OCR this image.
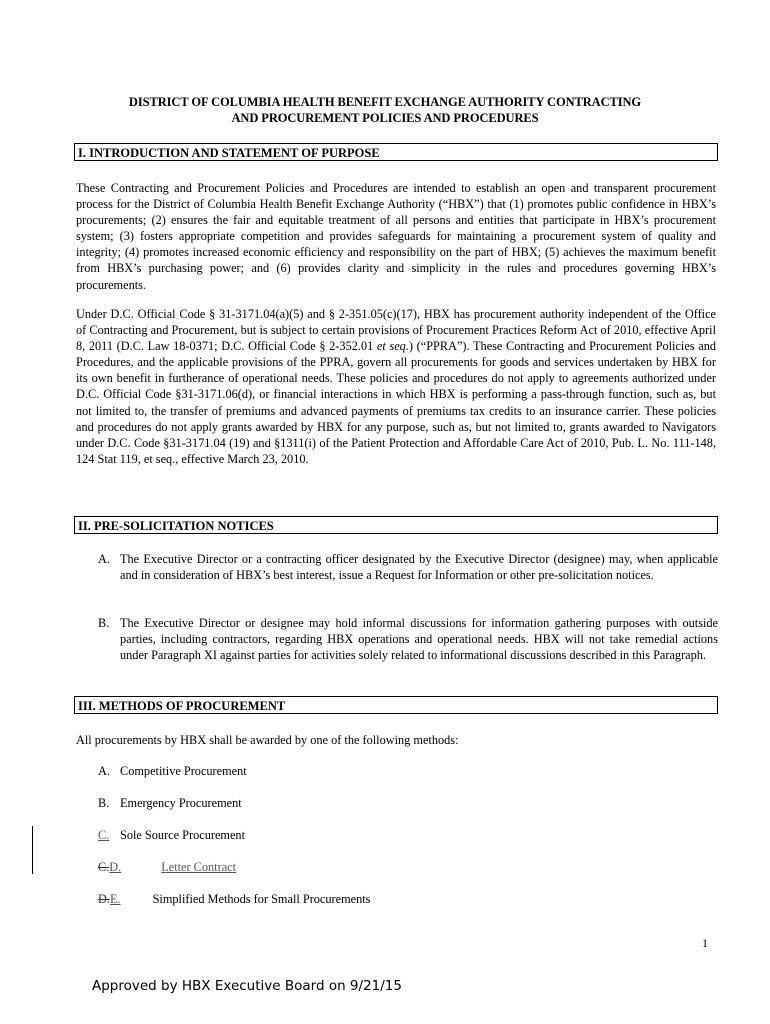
DISTRICT OF COLUMBIA HEALTH BENEFIT EXCHANGE AUTHORITY CONTRACTING
AND PROCUREMENT POLICIES AND PROCEDURES
I. INTRODUCTION AND STATEMENT OF PURPOSE

These Contracting and Procurement Policies and Procedures are intended to establish an open and transparent procurement process for the District of Columbia Health Benefit Exchange Authority (“HBX”) that (1) promotes public confidence in HBX’s procurements; (2) ensures the fair and equitable treatment of all persons and entities that participate in HBX’s procurement system; (3) fosters appropriate competition and provides safeguards for maintaining a procurement system of quality and integrity; (4) promotes increased economic efficiency and responsibility on the part of HBX; (5) achieves the maximum benefit from HBX’s purchasing power; and (6) provides clarity and simplicity in the rules and procedures governing HBX’s procurements.

Under D.C. Official Code § 31-3171.04(a)(5) and § 2-351.05(c)(17), HBX has procurement authority independent of the Office of Contracting and Procurement, but is subject to certain provisions of Procurement Practices Reform Act of 2010, effective April 8, 2011 (D.C. Law 18-0371; D.C. Official Code § 2-352.01 et seq.) (“PPRA”). These Contracting and Procurement Policies and Procedures, and the applicable provisions of the PPRA, govern all procurements for goods and services undertaken by HBX for its own benefit in furtherance of operational needs. These policies and procedures do not apply to agreements authorized under D.C. Official Code §31-3171.06(d), or financial interactions in which HBX is performing a pass-through function, such as, but not limited to, the transfer of premiums and advanced payments of premiums tax credits to an insurance carrier. These policies and procedures do not apply grants awarded by HBX for any purpose, such as, but not limited to, grants awarded to Navigators under D.C. Code §31-3171.04 (19) and §1311(i) of the Patient Protection and Affordable Care Act of 2010, Pub. L. No. 111-148, 124 Stat 119, et seq., effective March 23, 2010.

II. PRE-SOLICITATION NOTICES
A. The Executive Director or a contracting officer designated by the Executive Director (designee) may, when applicable and in consideration of HBX’s best interest, issue a Request for Information or other pre-solicitation notices.
B. The Executive Director or designee may hold informal discussions for information gathering purposes with outside parties, including contractors, regarding HBX operations and operational needs. HBX will not take remedial actions under Paragraph XI against parties for activities solely related to informational discussions described in this Paragraph.
III. METHODS OF PROCUREMENT

All procurements by HBX shall be awarded by one of the following methods:

A. Competitive Procurement
B. Emergency Procurement
C. Sole Source Procurement
C.D.	Letter Contract
D.E.	Simplified Methods for Small Procurements
1
Approved by HBX Executive Board on 9/21/15
